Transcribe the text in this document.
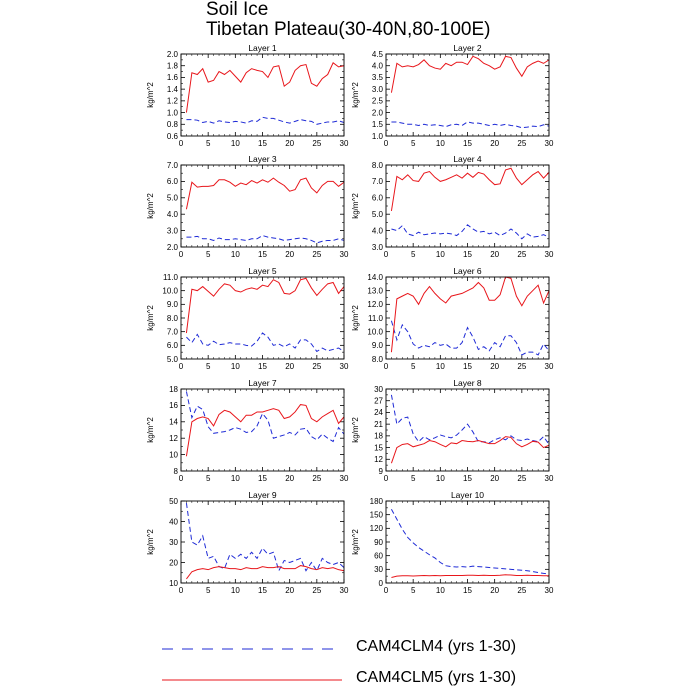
Soil Ice
Tibetan Plateau(30-40N,80-100E)
Layer 1
kg/m^2
0.6
0.8
1.0
1.2
1.4
1.6
1.8
2.0
0	5	10 15 20 25 30
Layer 2
kg/m^2
1.0
1.5
2.0
2.5
3.0
3.5
4.0
4.5
0	5	10 15 20 25 30
Layer 3
kg/m^2
2.0
3.0
4.0
5.0
6.0
7.0
0	5	10 15 20 25 30
Layer 4
kg/m^2
3.0
4.0
5.0
6.0
7.0
8.0
0	5	10 15 20 25 30
Layer 5
kg/m^2
5.0
6.0
7.0
8.0
9.0
10.0
11.0
0	5	10 15 20 25 30
Layer 6
kg/m^2
8.0
9.0
10.0
11.0
12.0
13.0
14.0
0	5	10 15 20 25 30
Layer 7
kg/m^2
8
10
12
14
16
18
0	5	10 15 20 25 30
Layer 8
kg/m^2
9
12
15
18
21
24
27
30
0	5	10 15 20 25 30
Layer 9
kg/m^2
10
20
30
40
50
0	5	10 15 20 25 30
Layer 10
kg/m^2
0
30
60
90
120
150
180
0	5	10 15 20 25 30
CAM4CLM4 (yrs 1-30)
CAM4CLM5 (yrs 1-30)
